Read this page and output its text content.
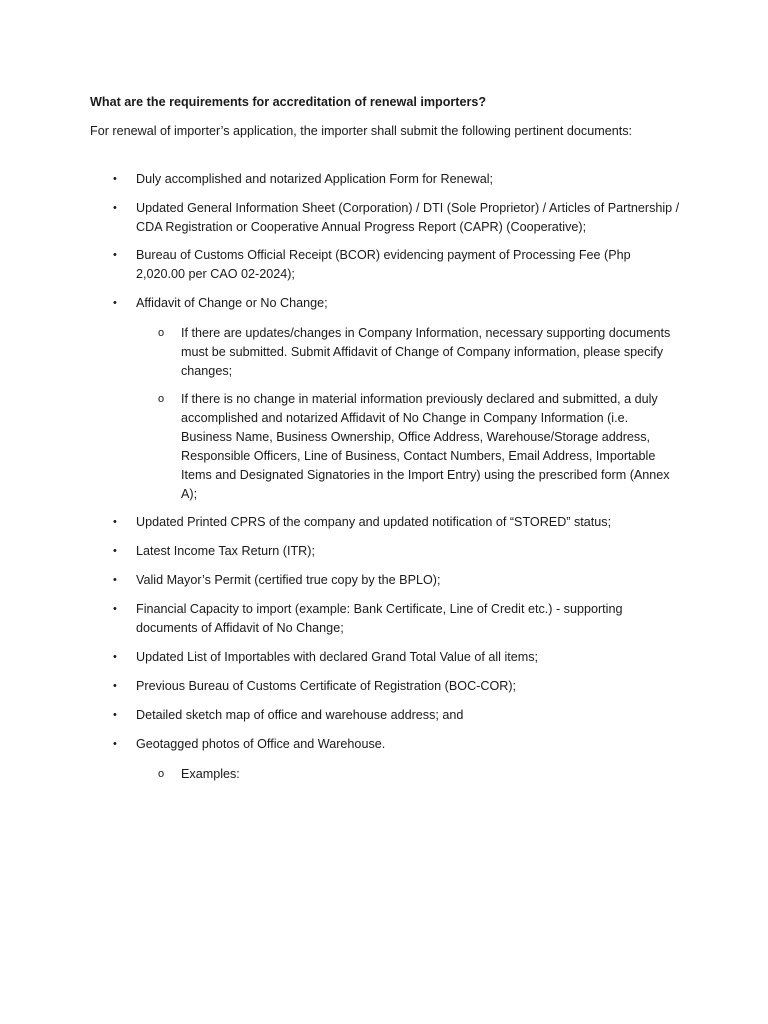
What are the requirements for accreditation of renewal importers?
For renewal of importer’s application, the importer shall submit the following pertinent documents:
• Duly accomplished and notarized Application Form for Renewal;
• Updated General Information Sheet (Corporation) / DTI (Sole Proprietor) / Articles of Partnership / CDA Registration or Cooperative Annual Progress Report (CAPR) (Cooperative);
• Bureau of Customs Official Receipt (BCOR) evidencing payment of Processing Fee (Php 2,020.00 per CAO 02-2024);
• Affidavit of Change or No Change;
o If there are updates/changes in Company Information, necessary supporting documents must be submitted. Submit Affidavit of Change of Company information, please specify changes;
o If there is no change in material information previously declared and submitted, a duly accomplished and notarized Affidavit of No Change in Company Information (i.e. Business Name, Business Ownership, Office Address, Warehouse/Storage address, Responsible Officers, Line of Business, Contact Numbers, Email Address, Importable Items and Designated Signatories in the Import Entry) using the prescribed form (Annex A);
• Updated Printed CPRS of the company and updated notification of “STORED” status;
• Latest Income Tax Return (ITR);
• Valid Mayor’s Permit (certified true copy by the BPLO);
• Financial Capacity to import (example: Bank Certificate, Line of Credit etc.) - supporting documents of Affidavit of No Change;
• Updated List of Importables with declared Grand Total Value of all items;
• Previous Bureau of Customs Certificate of Registration (BOC-COR);
• Detailed sketch map of office and warehouse address; and
• Geotagged photos of Office and Warehouse.
o Examples:
